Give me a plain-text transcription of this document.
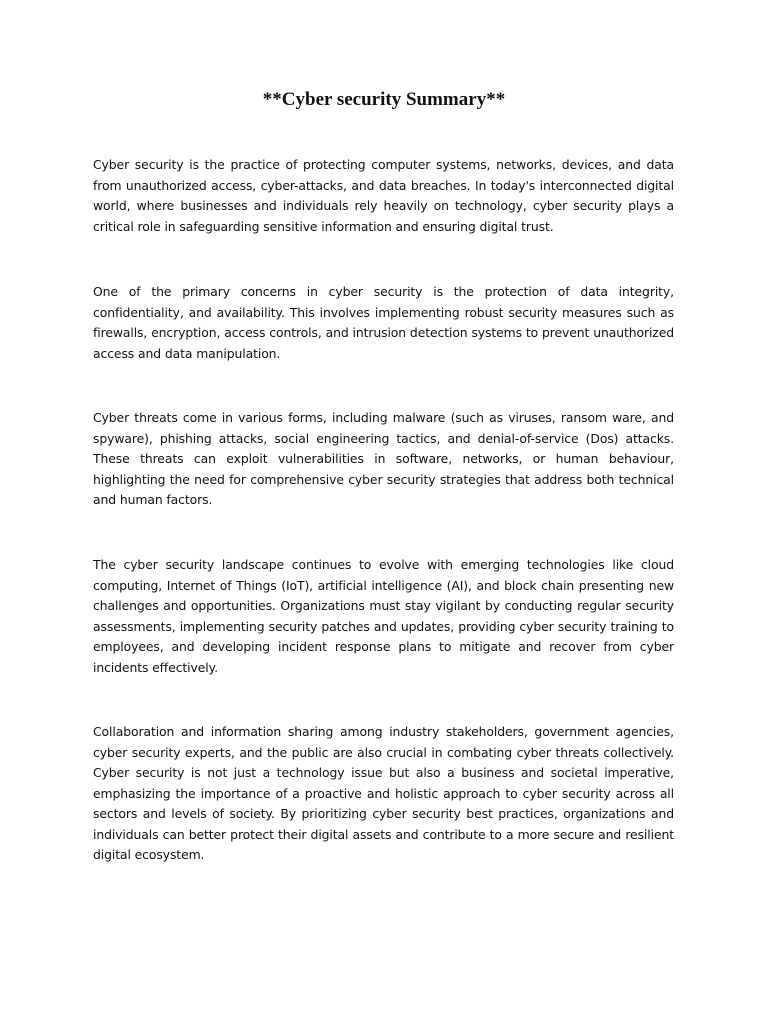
**Cyber security Summary**

Cyber security is the practice of protecting computer systems, networks, devices, and data from unauthorized access, cyber-attacks, and data breaches. In today's interconnected digital world, where businesses and individuals rely heavily on technology, cyber security plays a critical role in safeguarding sensitive information and ensuring digital trust.

One of the primary concerns in cyber security is the protection of data integrity, confidentiality, and availability. This involves implementing robust security measures such as firewalls, encryption, access controls, and intrusion detection systems to prevent unauthorized access and data manipulation.

Cyber threats come in various forms, including malware (such as viruses, ransom ware, and spyware), phishing attacks, social engineering tactics, and denial-of-service (Dos) attacks. These threats can exploit vulnerabilities in software, networks, or human behaviour, highlighting the need for comprehensive cyber security strategies that address both technical and human factors.

The cyber security landscape continues to evolve with emerging technologies like cloud computing, Internet of Things (IoT), artificial intelligence (AI), and block chain presenting new challenges and opportunities. Organizations must stay vigilant by conducting regular security assessments, implementing security patches and updates, providing cyber security training to employees, and developing incident response plans to mitigate and recover from cyber incidents effectively.

Collaboration and information sharing among industry stakeholders, government agencies, cyber security experts, and the public are also crucial in combating cyber threats collectively. Cyber security is not just a technology issue but also a business and societal imperative, emphasizing the importance of a proactive and holistic approach to cyber security across all sectors and levels of society. By prioritizing cyber security best practices, organizations and individuals can better protect their digital assets and contribute to a more secure and resilient digital ecosystem.
